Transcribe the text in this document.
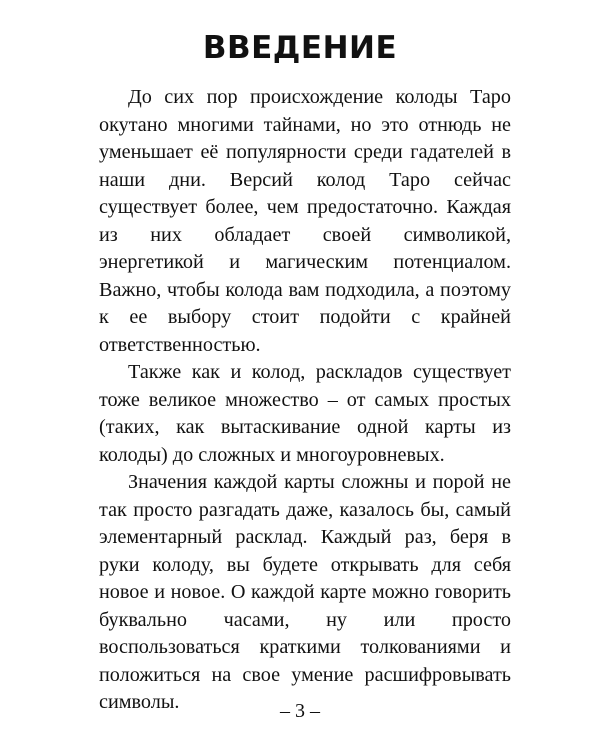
ВВЕДЕНИЕ

До сих пор происхождение колоды Таро окутано многими тайнами, но это отнюдь не уменьшает её популярности среди гадателей в наши дни. Версий колод Таро сейчас существует более, чем предостаточно. Каждая из них обладает своей символикой, энергетикой и магическим потенциалом. Важно, чтобы колода вам подходила, а поэтому к ее выбору стоит подойти с крайней ответственностью.

Также как и колод, раскладов существует тоже великое множество – от самых простых (таких, как вытаскивание одной карты из колоды) до сложных и многоуровневых.

Значения каждой карты сложны и порой не так просто разгадать даже, казалось бы, самый элементарный расклад. Каждый раз, беря в руки колоду, вы будете открывать для себя новое и новое. О каждой карте можно говорить буквально часами, ну или просто воспользоваться краткими толкованиями и положиться на свое умение расшифровывать символы.	– 3 –
